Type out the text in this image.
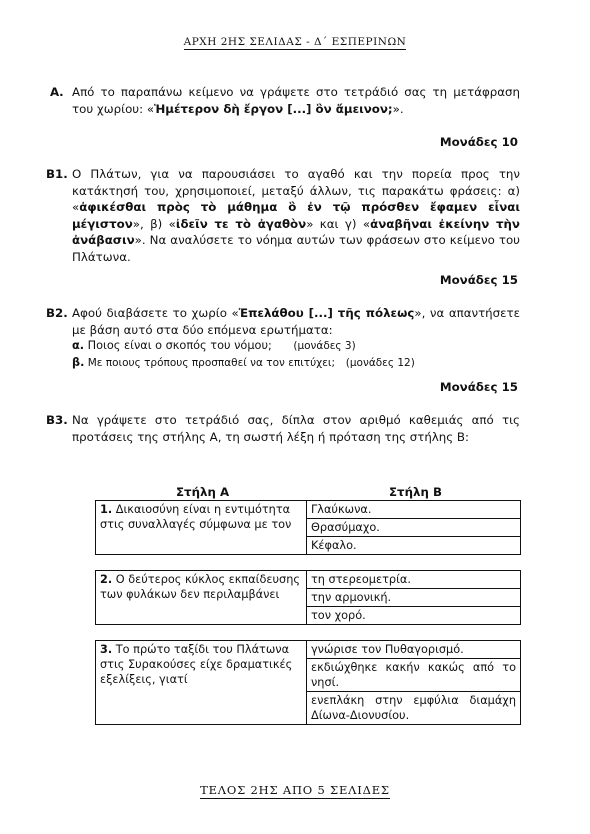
ΑΡΧΗ 2ΗΣ ΣΕΛΙΔΑΣ - Δ΄ ΕΣΠΕΡΙΝΩΝ
Α. Από το παραπάνω κείμενο να γράψετε στο τετράδιό σας τη μετάφραση του χωρίου: «Ἡμέτερον δὴ ἔργον [...] ὃν ἄμεινον;».
Μονάδες 10
Β1. Ο Πλάτων, για να παρουσιάσει το αγαθό και την πορεία προς την κατάκτησή του, χρησιμοποιεί, μεταξύ άλλων, τις παρακάτω φράσεις: α) «ἀφικέσθαι πρὸς τὸ μάθημα ὃ ἐν τῷ πρόσθεν ἔφαμεν εἶναι μέγιστον», β) «ἰδεῖν τε τὸ ἀγαθὸν» και γ) «ἀναβῆναι ἐκείνην τὴν ἀνάβασιν». Να αναλύσετε το νόημα αυτών των φράσεων στο κείμενο του Πλάτωνα.
Μονάδες 15
Β2. Αφού διαβάσετε το χωρίο «Ἐπελάθου [...] τῆς πόλεως», να απαντήσετε με βάση αυτό στα δύο επόμενα ερωτήματα:
α. Ποιος είναι ο σκοπός του νόμου; (μονάδες 3)
β. Με ποιους τρόπους προσπαθεί να τον επιτύχει; (μονάδες 12)
Μονάδες 15
Β3. Να γράψετε στο τετράδιό σας, δίπλα στον αριθμό καθεμιάς από τις προτάσεις της στήλης Α, τη σωστή λέξη ή πρόταση της στήλης Β:
Στήλη Α	Στήλη Β
1. Δικαιοσύνη είναι η εντιμότητα στις συναλλαγές σύμφωνα με τον	Γλαύκωνα.
Θρασύμαχο.
Κέφαλο.
2. Ο δεύτερος κύκλος εκπαίδευσης των φυλάκων δεν περιλαμβάνει	τη στερεομετρία.
την αρμονική.
τον χορό.
3. Το πρώτο ταξίδι του Πλάτωνα στις Συρακούσες είχε δραματικές εξελίξεις, γιατί	γνώρισε τον Πυθαγορισμό.
εκδιώχθηκε κακήν κακώς από το νησί.
ενεπλάκη στην εμφύλια διαμάχη Δίωνα-Διονυσίου.
ΤΕΛΟΣ 2ΗΣ ΑΠΟ 5 ΣΕΛΙΔΕΣ
